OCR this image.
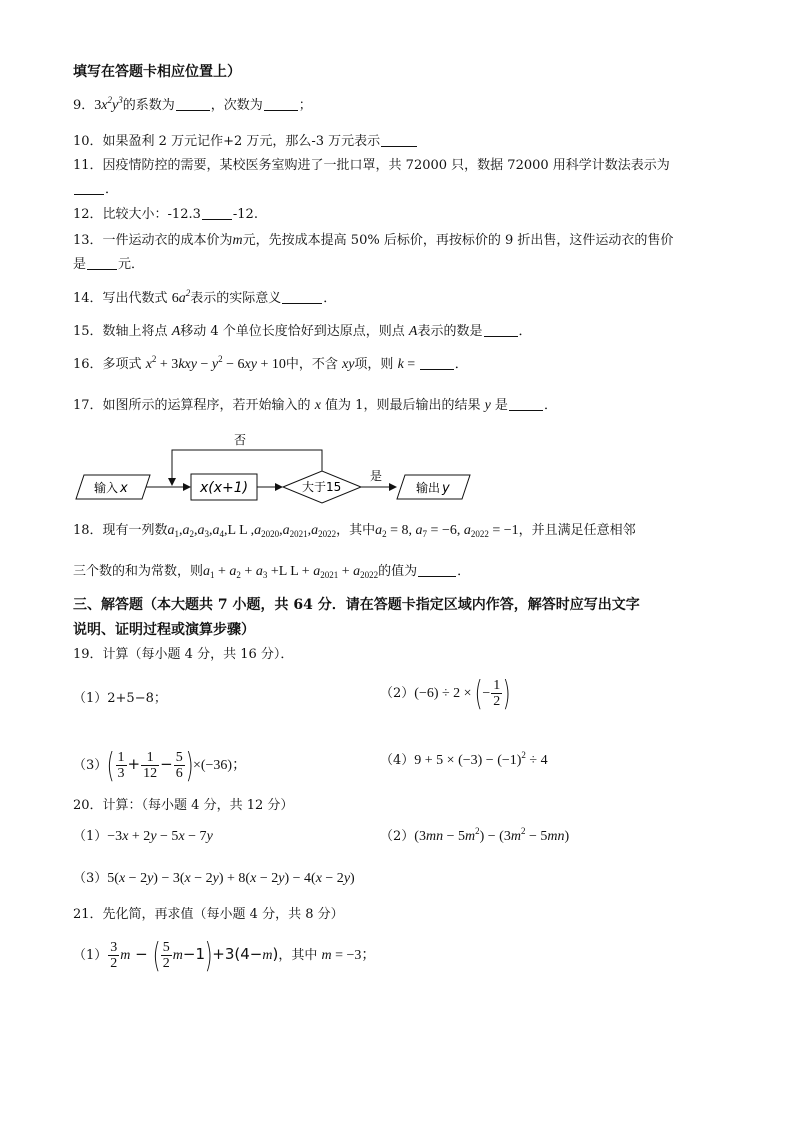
填写在答题卡相应位置上）
9．$3x^2y^3$的系数为	，次数为	；
10．如果盈利 2 万元记作+2 万元，那么-3 万元表示
11．因疫情防控的需要，某校医务室购进了一批口罩，共 72000 只，数据 72000 用科学计数法表示为
．
12．比较大小：-12.3 -12.
13．一件运动衣的成本价为m元，先按成本提高 50% 后标价，再按标价的 9 折出售，这件运动衣的售价
是 元．
14．写出代数式 $6a^2$表示的实际意义	．
15．数轴上将点 A移动 4 个单位长度恰好到达原点，则点 A表示的数是	．
16．多项式 $x^2 + 3kxy - y^2 - 6xy + 10$中，不含 xy项，则 k =	．
17．如图所示的运算程序，若开始输入的 x 值为 1，则最后输出的结果 y 是	．
输入 x	x(x+1)	大于15
否
是
输出 y
18．现有一列数$a_1,a_2,a_3,a_4,L$ L $,a_{2020},a_{2021},a_{2022}$，其中$a_2 = 8$, $a_7 = -6$, $a_{2022} = -1$，并且满足任意相邻
三个数的和为常数，则$a_1 + a_2 + a_3 +L$ $L + a_{2021} + a_{2022}$的值为	．
三、解答题（本大题共 7 小题，共 64 分．请在答题卡指定区域内作答，解答时应写出文字
说明、证明过程或演算步骤）
19．计算（每小题 4 分，共 16 分）．
（1）2+5−8；	（2）(−6) ÷ 2 × (− $\frac{1}{2}$ )
$(3)( \frac{1}{3} + \frac{1}{12} - \frac{5}{6} )\times(-36)$；	$(4)9 + 5 \times (-3) - (-1)^2 \div 4$
20．计算：（每小题 4 分，共 12 分）
（1）−3x + 2y − 5x − 7y	$(2)(3mn - 5m^2) - (3m^2 - 5mn)$
（3）5(x − 2y) − 3(x − 2y) + 8(x − 2y) − 4(x − 2y)
21．先化简，再求值（每小题 4 分，共 8 分）
$(1) \frac{3}{2}$ m − ( $\frac{5}{2} m-1)+3(4-m)$，其中 m = −3；
